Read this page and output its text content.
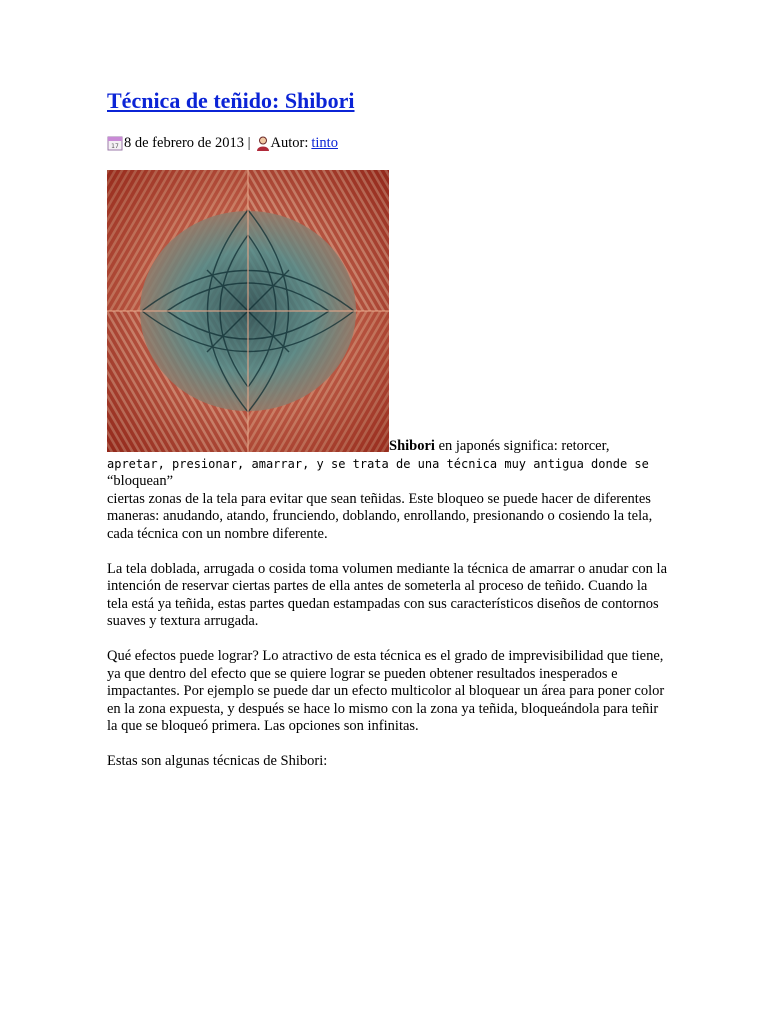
Técnica de teñido: Shibori
17 8 de febrero de 2013 | Autor: tinto

Shibori en japonés significa: retorcer,
apretar, presionar, amarrar, y se trata de una técnica muy antigua donde se “bloquean”
ciertas zonas de la tela para evitar que sean teñidas. Este bloqueo se puede hacer de diferentes maneras: anudando, atando, frunciendo, doblando, enrollando, presionando o cosiendo la tela, cada técnica con un nombre diferente.

La tela doblada, arrugada o cosida toma volumen mediante la técnica de amarrar o anudar con la intención de reservar ciertas partes de ella antes de someterla al proceso de teñido. Cuando la tela está ya teñida, estas partes quedan estampadas con sus característicos diseños de contornos suaves y textura arrugada.

Qué efectos puede lograr? Lo atractivo de esta técnica es el grado de imprevisibilidad que tiene, ya que dentro del efecto que se quiere lograr se pueden obtener resultados inesperados e impactantes. Por ejemplo se puede dar un efecto multicolor al bloquear un área para poner color en la zona expuesta, y después se hace lo mismo con la zona ya teñida, bloqueándola para teñir la que se bloqueó primera. Las opciones son infinitas.

Estas son algunas técnicas de Shibori:
